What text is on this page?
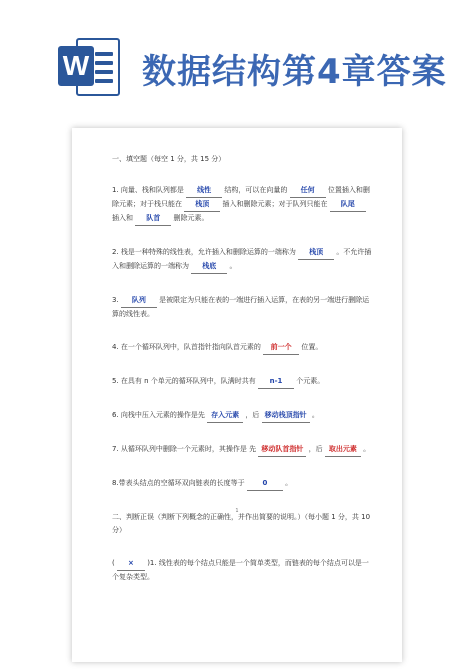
W 数据结构第4章答案

一、填空题（每空 1 分，共 15 分）

1. 向量、栈和队列都是 线性 结构，可以在向量的 任何 位置插入和删除元素；对于栈只能在 栈顶 插入和删除元素；对于队列只能在 队尾 插入和 队首 删除元素。

2. 栈是一种特殊的线性表，允许插入和删除运算的一端称为 栈顶 。不允许插入和删除运算的一端称为 栈底 。

3. 队列 是被限定为只能在表的一端进行插入运算，在表的另一端进行删除运算的线性表。

4. 在一个循环队列中，队首指针指向队首元素的 前一个 位置。

5. 在具有 n 个单元的循环队列中，队满时共有 n-1 个元素。

6. 向栈中压入元素的操作是先 存入元素 ，后 移动栈顶指针 。

7. 从循环队列中删除一个元素时，其操作是 先 移动队首指针 ，后 取出元素 。

8.带表头结点的空循环双向链表的长度等于	0	。

二、判断正误（判断下列概念的正确性，并作出简要的说明。）（每小题 1 分，共 10 分）

( × )1. 线性表的每个结点只能是一个简单类型，而链表的每个结点可以是一个复杂类型。

1
